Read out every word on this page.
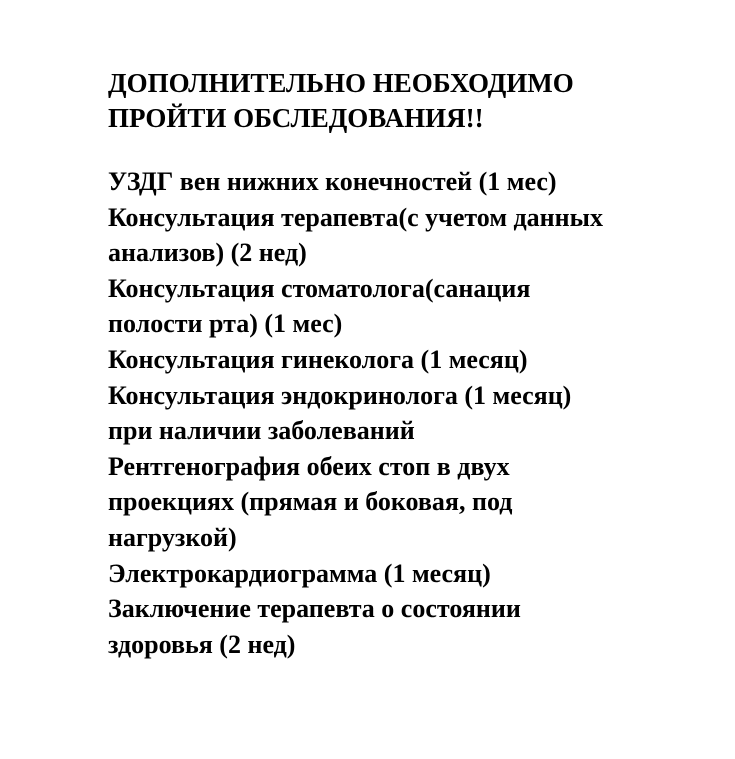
ДОПОЛНИТЕЛЬНО НЕОБХОДИМО
ПРОЙТИ ОБСЛЕДОВАНИЯ!!
УЗДГ вен нижних конечностей (1 мес)
Консультация терапевта(с учетом данных
анализов) (2 нед)
Консультация стоматолога(санация
полости рта) (1 мес)
Консультация гинеколога (1 месяц)
Консультация эндокринолога (1 месяц)
при наличии заболеваний
Рентгенография обеих стоп в двух
проекциях (прямая и боковая, под
нагрузкой)
Электрокардиограмма (1 месяц)
Заключение терапевта о состоянии
здоровья (2 нед)
